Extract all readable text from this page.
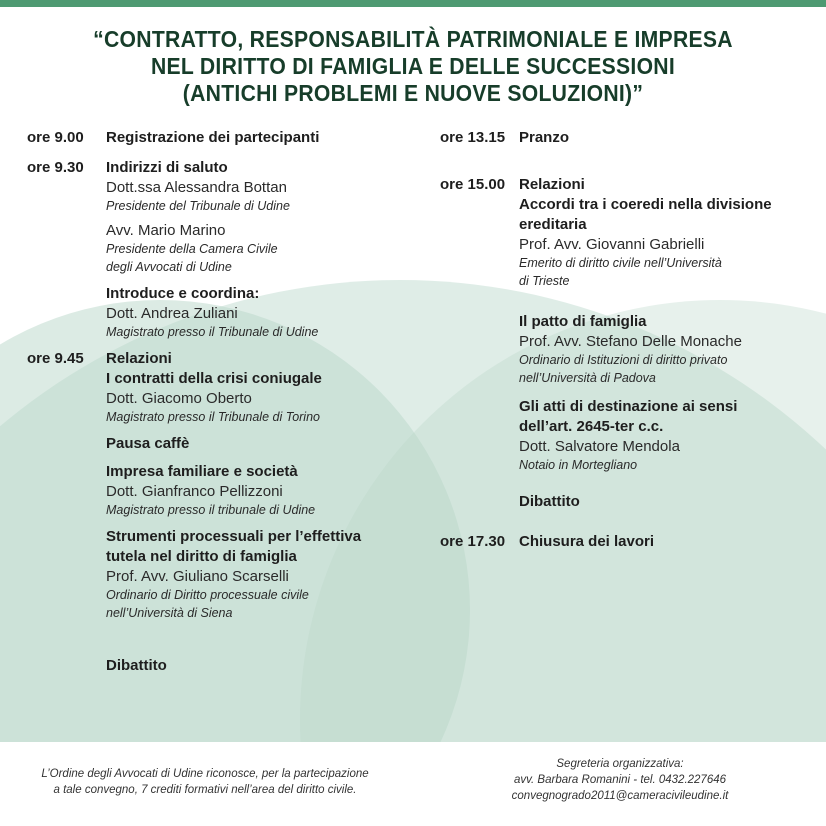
“CONTRATTO, RESPONSABILITÀ PATRIMONIALE E IMPRESA
NEL DIRITTO DI FAMIGLIA E DELLE SUCCESSIONI
(ANTICHI PROBLEMI E NUOVE SOLUZIONI)”
ore 9.00 Registrazione dei partecipanti
ore 9.30 Indirizzi di saluto
Dott.ssa Alessandra Bottan
Presidente del Tribunale di Udine
Avv. Mario Marino
Presidente della Camera Civile
degli Avvocati di Udine
Introduce e coordina:
Dott. Andrea Zuliani
Magistrato presso il Tribunale di Udine
ore 9.45 Relazioni
I contratti della crisi coniugale
Dott. Giacomo Oberto
Magistrato presso il Tribunale di Torino
Pausa caffè
Impresa familiare e società
Dott. Gianfranco Pellizzoni
Magistrato presso il tribunale di Udine
Strumenti processuali per l’effettiva
tutela nel diritto di famiglia
Prof. Avv. Giuliano Scarselli
Ordinario di Diritto processuale civile
nell’Università di Siena
Dibattito
ore 13.15 Pranzo
ore 15.00 Relazioni
Accordi tra i coeredi nella divisione
ereditaria
Prof. Avv. Giovanni Gabrielli
Emerito di diritto civile nell’Università
di Trieste
Il patto di famiglia
Prof. Avv. Stefano Delle Monache
Ordinario di Istituzioni di diritto privato
nell’Università di Padova
Gli atti di destinazione ai sensi
dell’art. 2645-ter c.c.
Dott. Salvatore Mendola
Notaio in Mortegliano
Dibattito
ore 17.30 Chiusura dei lavori
L’Ordine degli Avvocati di Udine riconosce, per la partecipazione
a tale convegno, 7 crediti formativi nell’area del diritto civile.
Segreteria organizzativa:
avv. Barbara Romanini - tel. 0432.227646
convegnogrado2011@cameracivileudine.it
